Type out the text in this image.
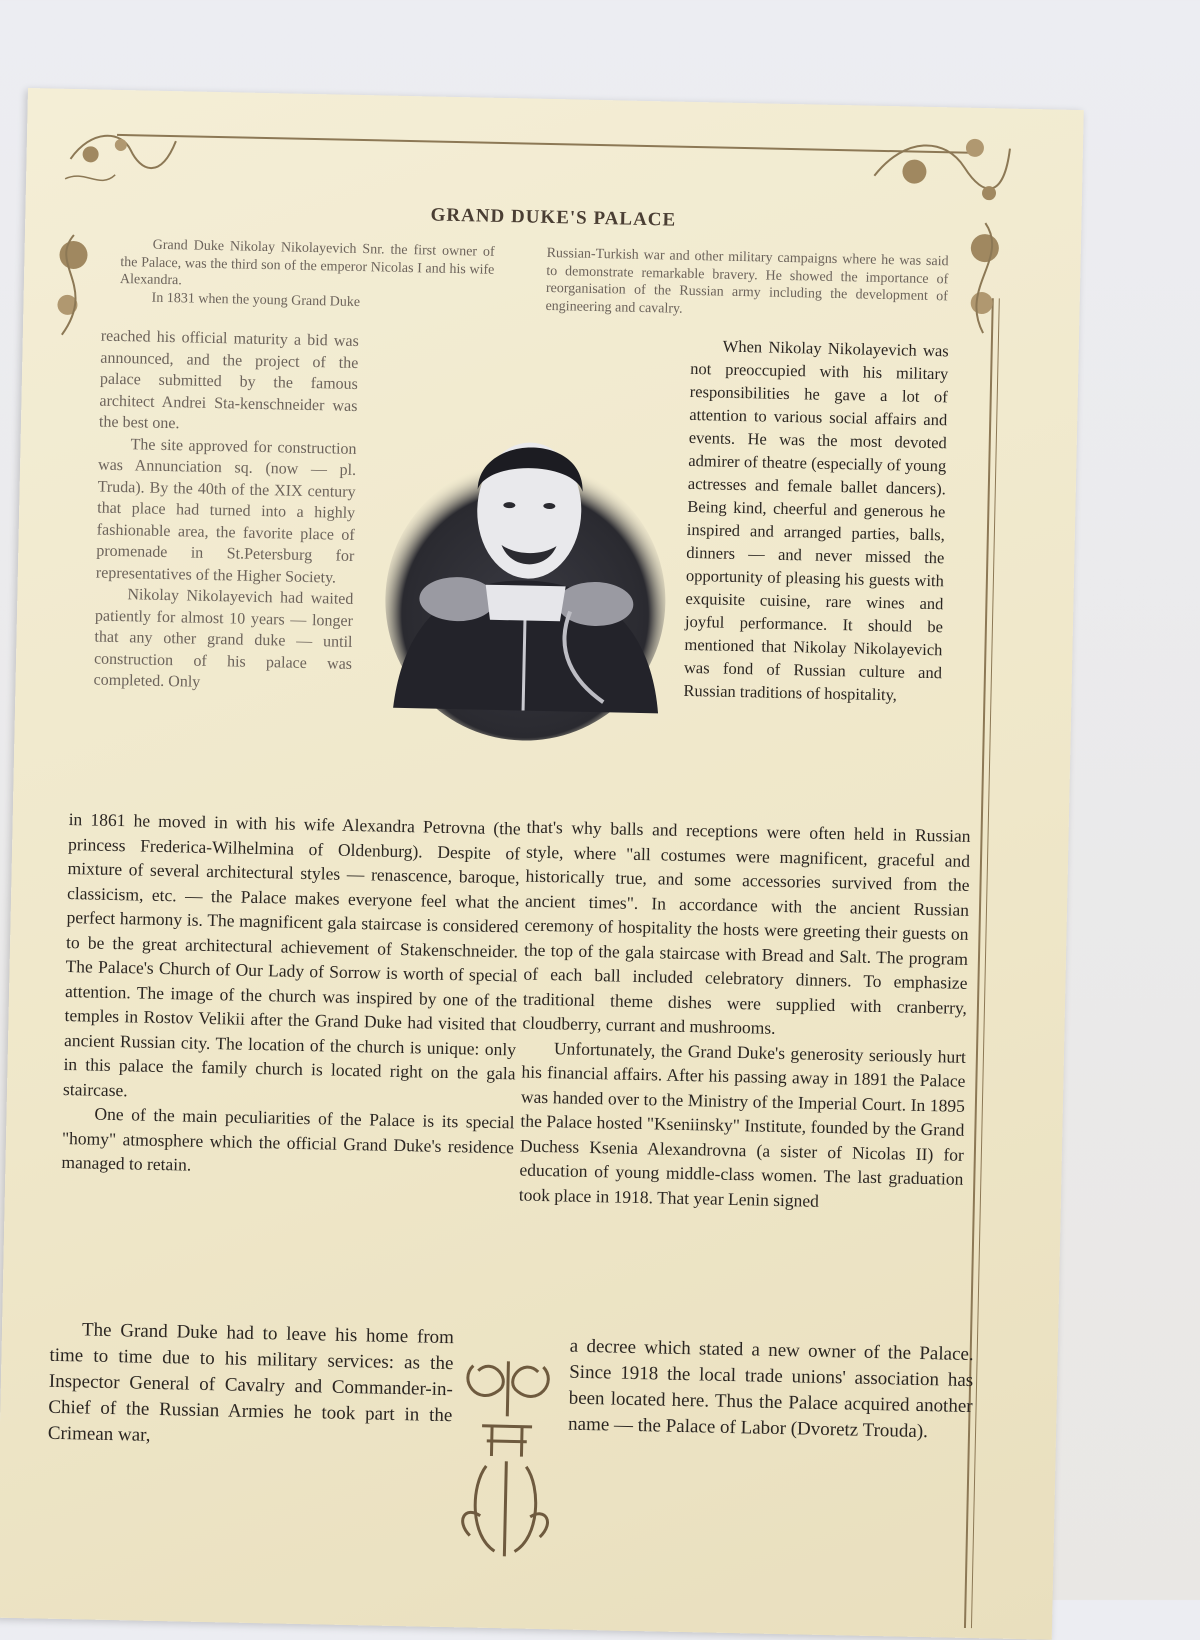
GRAND DUKE'S PALACE

Grand Duke Nikolay Nikolayevich Snr. the first owner of the Palace, was the third son of the emperor Nicolas I and his wife Alexandra.

In 1831 when the young Grand Duke

reached his official maturity a bid was announced, and the project of the palace submitted by the famous architect Andrei Sta-kenschneider was the best one.

The site approved for construction was Annunciation sq. (now — pl. Truda). By the 40th of the XIX century that place had turned into a highly fashionable area, the favorite place of promenade in St.Petersburg for representatives of the Higher Society.

Nikolay Nikolayevich had waited patiently for almost 10 years — longer that any other grand duke — until construction of his palace was completed. Only

in 1861 he moved in with his wife Alexandra Petrovna (the princess Frederica-Wilhelmina of Oldenburg). Despite of mixture of several architectural styles — renascence, baroque, classicism, etc. — the Palace makes everyone feel what the perfect harmony is. The magnificent gala staircase is considered to be the great architectural achievement of Stakenschneider. The Palace's Church of Our Lady of Sorrow is worth of special attention. The image of the church was inspired by one of the temples in Rostov Velikii after the Grand Duke had visited that ancient Russian city. The location of the church is unique: only in this palace the family church is located right on the gala staircase.

One of the main peculiarities of the Palace is its special "homy" atmosphere which the official Grand Duke's residence managed to retain.

The Grand Duke had to leave his home from time to time due to his military services: as the Inspector General of Cavalry and Commander-in-Chief of the Russian Armies he took part in the Crimean war,

Russian-Turkish war and other military campaigns where he was said to demonstrate remarkable bravery. He showed the importance of reorganisation of the Russian army including the development of engineering and cavalry.

When Nikolay Nikolayevich was not preoccupied with his military responsibilities he gave a lot of attention to various social affairs and events. He was the most devoted admirer of theatre (especially of young actresses and female ballet dancers). Being kind, cheerful and generous he inspired and arranged parties, balls, dinners — and never missed the opportunity of pleasing his guests with exquisite cuisine, rare wines and joyful performance. It should be mentioned that Nikolay Nikolayevich was fond of Russian culture and Russian traditions of hospitality,

that's why balls and receptions were often held in Russian style, where "all costumes were magnificent, graceful and historically true, and some accessories survived from the ancient times". In accordance with the ancient Russian ceremony of hospitality the hosts were greeting their guests on the top of the gala staircase with Bread and Salt. The program of each ball included celebratory dinners. To emphasize traditional theme dishes were supplied with cranberry, cloudberry, currant and mushrooms.

Unfortunately, the Grand Duke's generosity seriously hurt his financial affairs. After his passing away in 1891 the Palace was handed over to the Ministry of the Imperial Court. In 1895 the Palace hosted "Kseniinsky" Institute, founded by the Grand Duchess Ksenia Alexandrovna (a sister of Nicolas II) for education of young middle-class women. The last graduation took place in 1918. That year Lenin signed

a decree which stated a new owner of the Palace. Since 1918 the local trade unions' association has been located here. Thus the Palace acquired another name — the Palace of Labor (Dvoretz Trouda).
